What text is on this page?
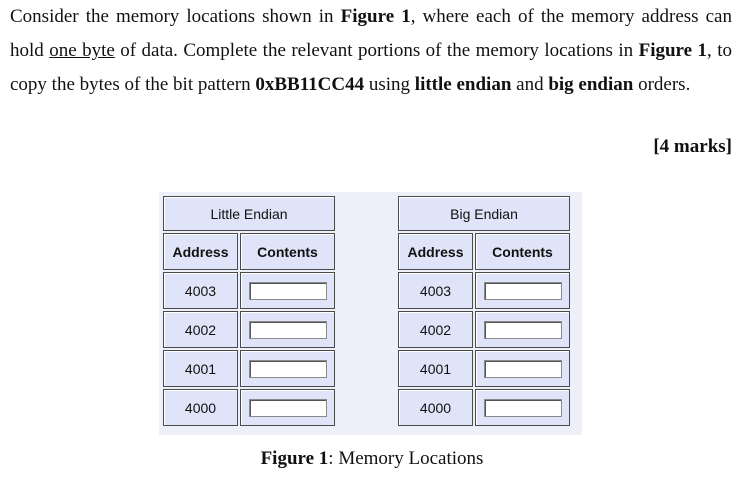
Consider the memory locations shown in Figure 1, where each of the memory address can hold one byte of data. Complete the relevant portions of the memory locations in Figure 1, to copy the bytes of the bit pattern 0xBB11CC44 using little endian and big endian orders.
[4 marks]
Little Endian	
Address	Contents
4003	
4002	
4001	
4000	
Big Endian	
Address	Contents
4003	
4002	
4001	
4000	
Figure 1: Memory Locations
